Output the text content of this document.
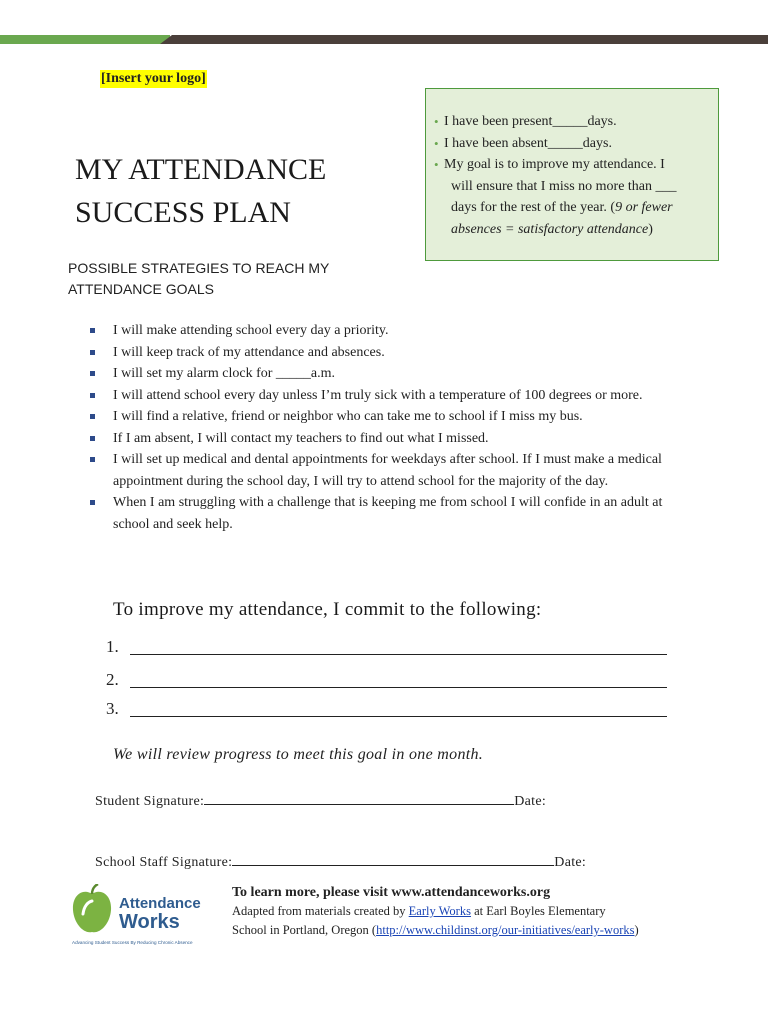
[Insert your logo]
MY ATTENDANCE
SUCCESS PLAN
• I have been present_____days.
• I have been absent_____days.
• My goal is to improve my attendance. I
will ensure that I miss no more than ___
days for the rest of the year. (9 or fewer
absences = satisfactory attendance)
POSSIBLE STRATEGIES TO REACH MY ATTENDANCE GOALS
I will make attending school every day a priority.
I will keep track of my attendance and absences.
I will set my alarm clock for _____a.m.
I will attend school every day unless I’m truly sick with a temperature of 100 degrees or more.
I will find a relative, friend or neighbor who can take me to school if I miss my bus.
If I am absent, I will contact my teachers to find out what I missed.
I will set up medical and dental appointments for weekdays after school. If I must make a medical appointment during the school day, I will try to attend school for the majority of the day.
When I am struggling with a challenge that is keeping me from school I will confide in an adult at school and seek help.
To improve my attendance, I commit to the following:
1.
2.
3.
We will review progress to meet this goal in one month.
Student Signature:	Date:
School Staff Signature:	Date:
Attendance
Works
Advancing Student Success By Reducing Chronic Absence
To learn more, please visit www.attendanceworks.org
Adapted from materials created by Early Works at Earl Boyles Elementary School in Portland, Oregon (http://www.childinst.org/our-initiatives/early-works)
